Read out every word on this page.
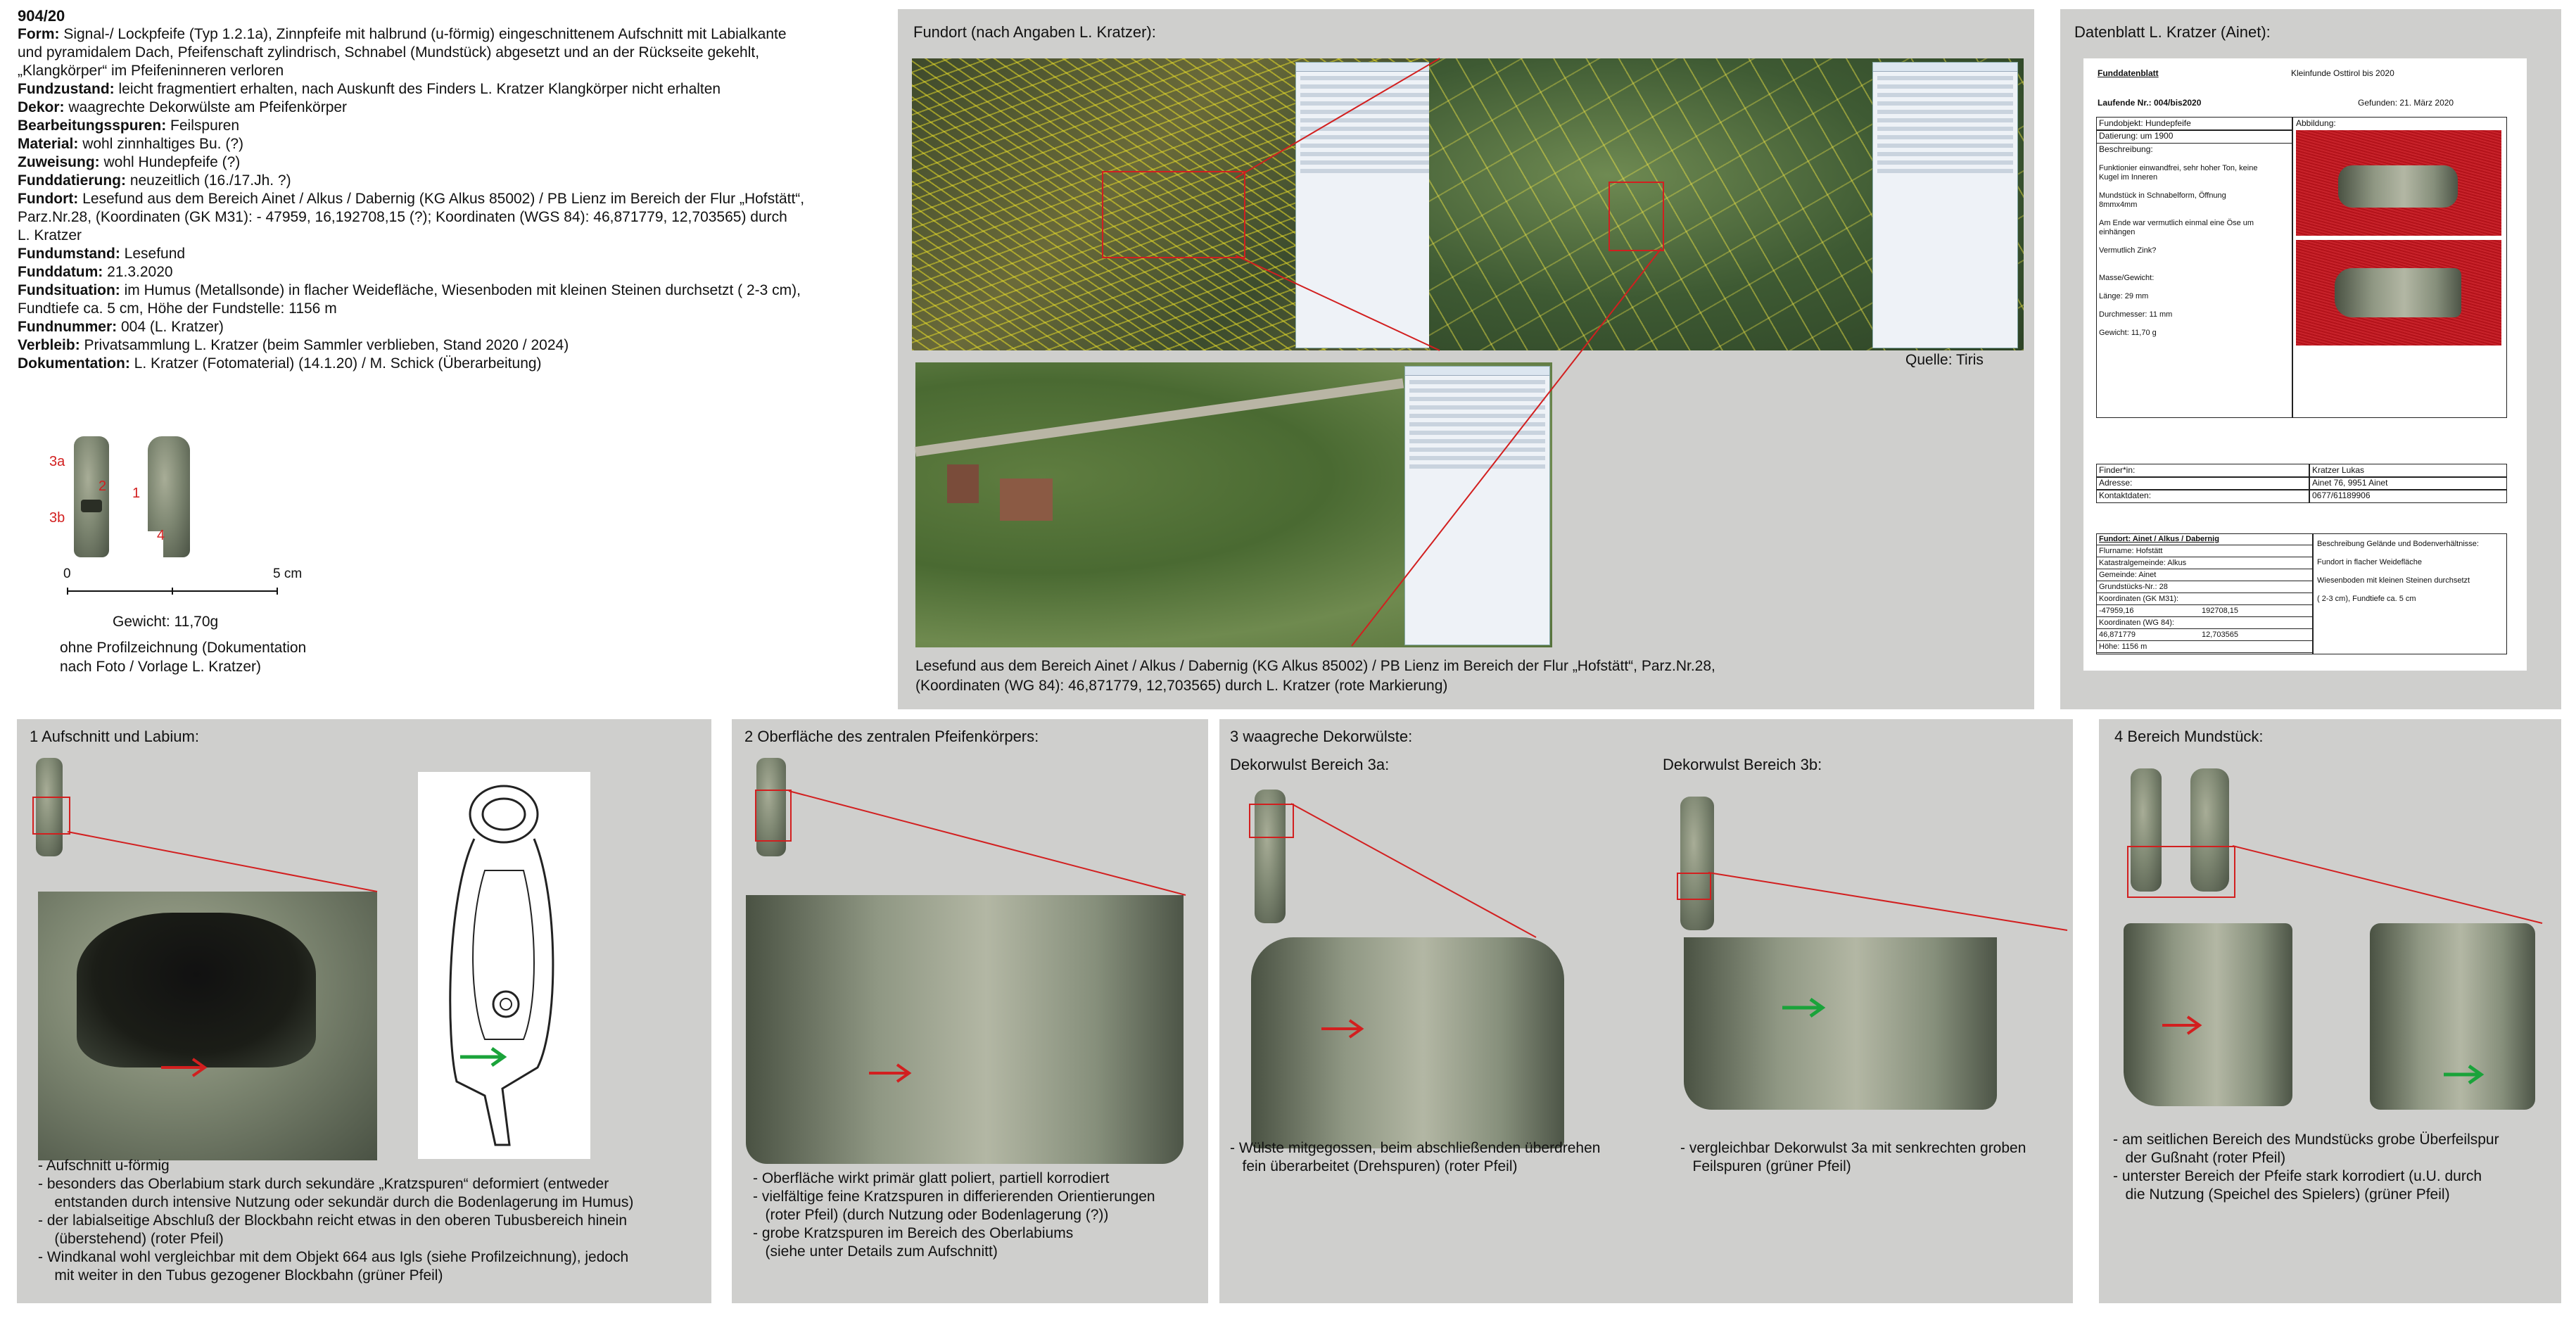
904/20
Form: Signal-/ Lockpfeife (Typ 1.2.1a), Zinnpfeife mit halbrund (u-förmig) eingeschnittenem Aufschnitt mit Labialkante
und pyramidalem Dach, Pfeifenschaft zylindrisch, Schnabel (Mundstück) abgesetzt und an der Rückseite gekehlt,
„Klangkörper“ im Pfeifeninneren verloren
Fundzustand: leicht fragmentiert erhalten, nach Auskunft des Finders L. Kratzer Klangkörper nicht erhalten
Dekor: waagrechte Dekorwülste am Pfeifenkörper
Bearbeitungsspuren: Feilspuren
Material: wohl zinnhaltiges Bu. (?)
Zuweisung: wohl Hundepfeife (?)
Funddatierung: neuzeitlich (16./17.Jh. ?)
Fundort: Lesefund aus dem Bereich Ainet / Alkus / Dabernig (KG Alkus 85002) / PB Lienz im Bereich der Flur „Hofstätt“,
Parz.Nr.28, (Koordinaten (GK M31): - 47959, 16,192708,15 (?); Koordinaten (WGS 84): 46,871779, 12,703565) durch
L. Kratzer
Fundumstand: Lesefund
Funddatum: 21.3.2020
Fundsituation: im Humus (Metallsonde) in flacher Weidefläche, Wiesenboden mit kleinen Steinen durchsetzt ( 2-3 cm),
Fundtiefe ca. 5 cm, Höhe der Fundstelle: 1156 m
Fundnummer: 004 (L. Kratzer)
Verbleib: Privatsammlung L. Kratzer (beim Sammler verblieben, Stand 2020 / 2024)
Dokumentation: L. Kratzer (Fotomaterial) (14.1.20) / M. Schick (Überarbeitung)
3a
2
3b
1
4
0	5 cm
Gewicht: 11,70g
ohne Profilzeichnung (Dokumentation
nach Foto / Vorlage L. Kratzer)
Fundort (nach Angaben L. Kratzer):
Quelle: Tiris
Lesefund aus dem Bereich Ainet / Alkus / Dabernig (KG Alkus 85002) / PB Lienz im Bereich der Flur „Hofstätt“, Parz.Nr.28,
(Koordinaten (WG 84): 46,871779, 12,703565) durch L. Kratzer (rote Markierung)
Datenblatt L. Kratzer (Ainet):
Funddatenblatt	Kleinfunde Osttirol bis 2020
Laufende Nr.: 004/bis2020	Gefunden: 21. März 2020
Fundobjekt: Hundepfeife
Datierung: um 1900
Abbildung:
Beschreibung:
Funktionier einwandfrei, sehr hoher Ton, keine
Kugel im Inneren
Mundstück in Schnabelform, Öffnung
8mmx4mm
Am Ende war vermutlich einmal eine Öse um
einhängen
Vermutlich Zink?
Masse/Gewicht:
Länge: 29 mm
Durchmesser: 11 mm
Gewicht: 11,70 g
Finder*in:	Kratzer Lukas
Adresse:	Ainet 76, 9951 Ainet
Kontaktdaten:	0677/61189906
Fundort: Ainet / Alkus / Dabernig
Flurname: Hofstätt
Katastralgemeinde: Alkus
Gemeinde: Ainet
Grundstücks-Nr.: 28
Koordinaten (GK M31):
-47959,16	192708,15
Koordinaten (WG 84):
46,871779	12,703565
Höhe: 1156 m
Beschreibung Gelände und Bodenverhältnisse:
Fundort in flacher Weidefläche
Wiesenboden mit kleinen Steinen durchsetzt
( 2-3 cm), Fundtiefe ca. 5 cm
1 Aufschnitt und Labium:
- Aufschnitt u-förmig
- besonders das Oberlabium stark durch sekundäre „Kratzspuren“ deformiert (entweder
entstanden durch intensive Nutzung oder sekundär durch die Bodenlagerung im Humus)
- der labialseitige Abschluß der Blockbahn reicht etwas in den oberen Tubusbereich hinein
(überstehend) (roter Pfeil)
- Windkanal wohl vergleichbar mit dem Objekt 664 aus Igls (siehe Profilzeichnung), jedoch
mit weiter in den Tubus gezogener Blockbahn (grüner Pfeil)
2 Oberfläche des zentralen Pfeifenkörpers:
- Oberfläche wirkt primär glatt poliert, partiell korrodiert
- vielfältige feine Kratzspuren in differierenden Orientierungen
(roter Pfeil) (durch Nutzung oder Bodenlagerung (?))
- grobe Kratzspuren im Bereich des Oberlabiums
(siehe unter Details zum Aufschnitt)
3 waagreche Dekorwülste:
Dekorwulst Bereich 3a:	Dekorwulst Bereich 3b:
- Wülste mitgegossen, beim abschließenden überdrehen
fein überarbeitet (Drehspuren) (roter Pfeil)
- vergleichbar Dekorwulst 3a mit senkrechten groben
Feilspuren (grüner Pfeil)
4 Bereich Mundstück:
- am seitlichen Bereich des Mundstücks grobe Überfeilspur
der Gußnaht (roter Pfeil)
- unterster Bereich der Pfeife stark korrodiert (u.U. durch
die Nutzung (Speichel des Spielers) (grüner Pfeil)
